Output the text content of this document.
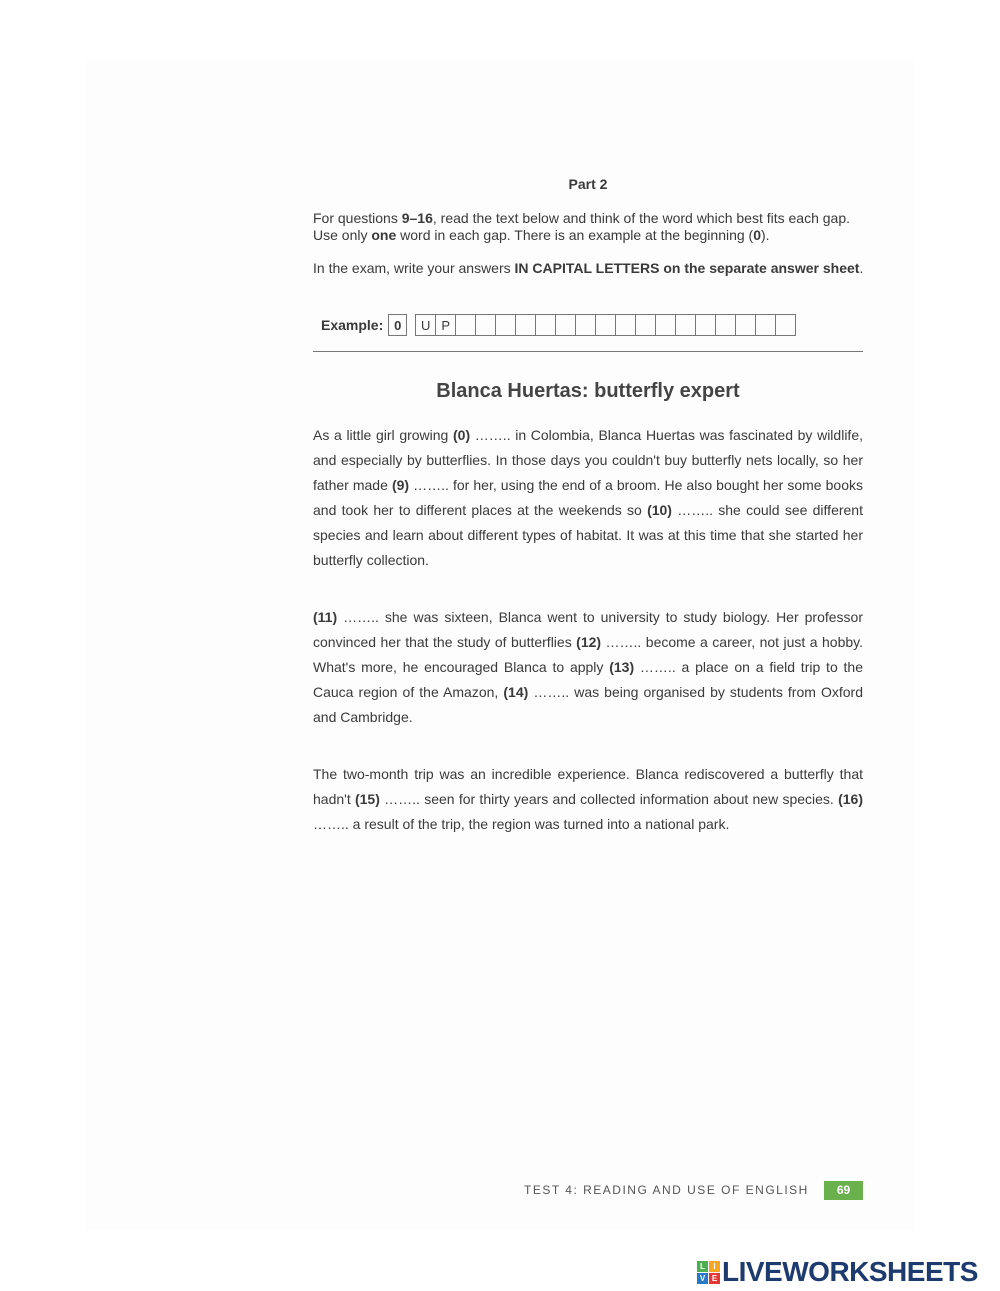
Part 2
For questions 9–16, read the text below and think of the word which best fits each gap. Use only one word in each gap. There is an example at the beginning (0).
In the exam, write your answers IN CAPITAL LETTERS on the separate answer sheet.
Example: 0	U P
Blanca Huertas: butterfly expert
As a little girl growing (0) …….. in Colombia, Blanca Huertas was fascinated by wildlife, and especially by butterflies. In those days you couldn't buy butterfly nets locally, so her father made (9) …….. for her, using the end of a broom. He also bought her some books and took her to different places at the weekends so (10) …….. she could see different species and learn about different types of habitat. It was at this time that she started her butterfly collection.
(11) …….. she was sixteen, Blanca went to university to study biology. Her professor convinced her that the study of butterflies (12) …….. become a career, not just a hobby. What's more, he encouraged Blanca to apply (13) …….. a place on a field trip to the Cauca region of the Amazon, (14) …….. was being organised by students from Oxford and Cambridge.
The two-month trip was an incredible experience. Blanca rediscovered a butterfly that hadn't (15) …….. seen for thirty years and collected information about new species. (16) …….. a result of the trip, the region was turned into a national park.
TEST 4: READING AND USE OF ENGLISH	69
L	I
V E LIVEWORKSHEETS
